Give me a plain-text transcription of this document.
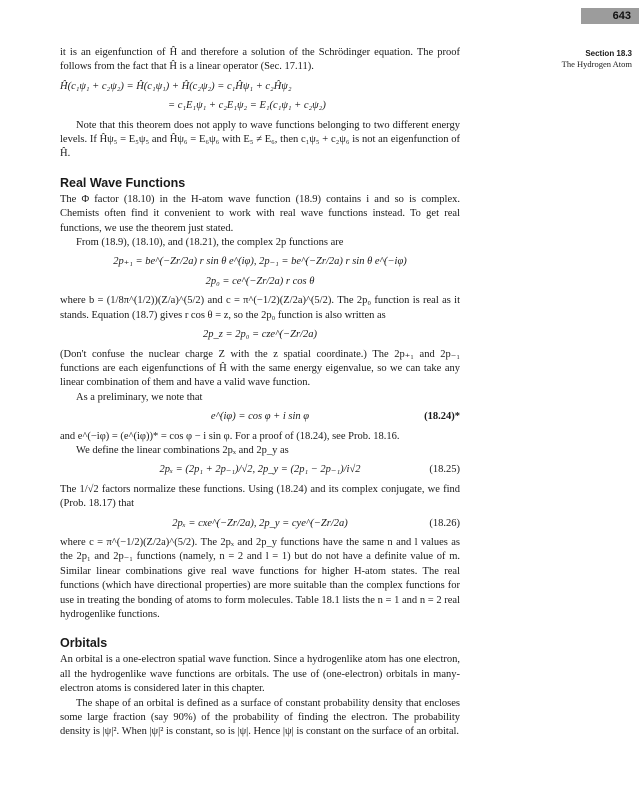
643
Section 18.3
The Hydrogen Atom

it is an eigenfunction of Ĥ and therefore a solution of the Schrödinger equation. The proof follows from the fact that Ĥ is a linear operator (Sec. 17.11).

Ĥ(c₁ψ₁ + c₂ψ₂) = Ĥ(c₁ψ₁) + Ĥ(c₂ψ₂) = c₁Ĥψ₁ + c₂Ĥψ₂
= c₁E₁ψ₁ + c₂E₁ψ₂ = E₁(c₁ψ₁ + c₂ψ₂)

Note that this theorem does not apply to wave functions belonging to two different energy levels. If Ĥψ₅ = E₅ψ₅ and Ĥψ₆ = E₆ψ₆ with E₅ ≠ E₆, then c₁ψ₅ + c₂ψ₆ is not an eigenfunction of Ĥ.

Real Wave Functions

The Φ factor (18.10) in the H-atom wave function (18.9) contains i and so is complex. Chemists often find it convenient to work with real wave functions instead. To get real functions, we use the theorem just stated.

From (18.9), (18.10), and (18.21), the complex 2p functions are

2p₊₁ = be^(−Zr/2a) r sin θ e^(iφ), 2p₋₁ = be^(−Zr/2a) r sin θ e^(−iφ)
2p₀ = ce^(−Zr/2a) r cos θ

where b = (1/8π^(1/2))(Z/a)^(5/2) and c = π^(−1/2)(Z/2a)^(5/2). The 2p₀ function is real as it stands. Equation (18.7) gives r cos θ = z, so the 2p₀ function is also written as

2p_z = 2p₀ = cze^(−Zr/2a)

(Don't confuse the nuclear charge Z with the z spatial coordinate.) The 2p₊₁ and 2p₋₁ functions are each eigenfunctions of Ĥ with the same energy eigenvalue, so we can take any linear combination of them and have a valid wave function.

As a preliminary, we note that

e^(iφ) = cos φ + i sin φ	(18.24)*

and e^(−iφ) = (e^(iφ))* = cos φ − i sin φ. For a proof of (18.24), see Prob. 18.16.

We define the linear combinations 2pₓ and 2p_y as

2pₓ = (2p₁ + 2p₋₁)/√2, 2p_y = (2p₁ − 2p₋₁)/i√2	(18.25)

The 1/√2 factors normalize these functions. Using (18.24) and its complex conjugate, we find (Prob. 18.17) that

2pₓ = cxe^(−Zr/2a), 2p_y = cye^(−Zr/2a)	(18.26)

where c = π^(−1/2)(Z/2a)^(5/2). The 2pₓ and 2p_y functions have the same n and l values as the 2p₁ and 2p₋₁ functions (namely, n = 2 and l = 1) but do not have a definite value of m. Similar linear combinations give real wave functions for higher H-atom states. The real functions (which have directional properties) are more suitable than the complex functions for use in treating the bonding of atoms to form molecules. Table 18.1 lists the n = 1 and n = 2 real hydrogenlike functions.

Orbitals

An orbital is a one-electron spatial wave function. Since a hydrogenlike atom has one electron, all the hydrogenlike wave functions are orbitals. The use of (one-electron) orbitals in many-electron atoms is considered later in this chapter.

The shape of an orbital is defined as a surface of constant probability density that encloses some large fraction (say 90%) of the probability of finding the electron. The probability density is |ψ|². When |ψ|² is constant, so is |ψ|. Hence |ψ| is constant on the surface of an orbital.
